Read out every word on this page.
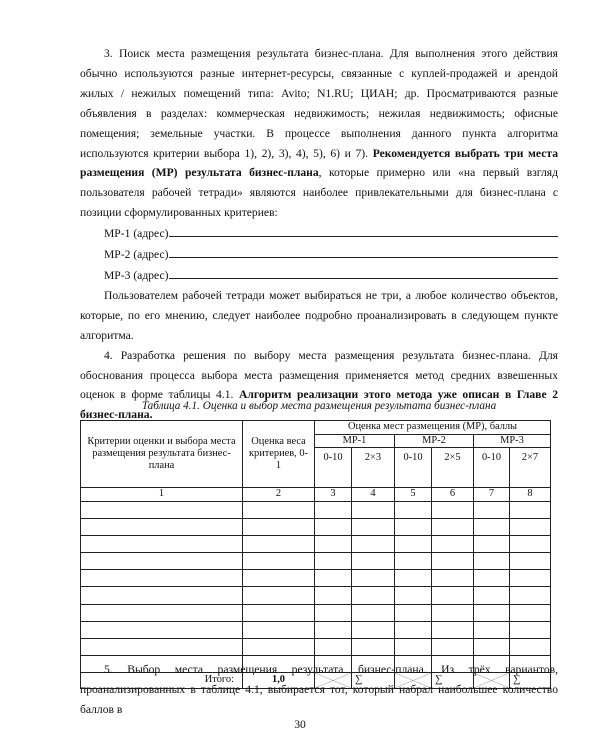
3. Поиск места размещения результата бизнес-плана. Для выполнения этого действия обычно используются разные интернет-ресурсы, связанные с куплей-продажей и арендой жилых / нежилых помещений типа: Avito; N1.RU; ЦИАН; др. Просматриваются разные объявления в разделах: коммерческая недвижимость; нежилая недвижимость; офисные помещения; земельные участки. В процессе выполнения данного пункта алгоритма используются критерии выбора 1), 2), 3), 4), 5), 6) и 7). Рекомендуется выбрать три места размещения (МР) результата бизнес-плана, которые примерно или «на первый взгляд пользователя рабочей тетради» являются наиболее привлекательными для бизнес-плана с позиции сформулированных критериев:

МР-1 (адрес)
МР-2 (адрес)
МР-3 (адрес)

Пользователем рабочей тетради может выбираться не три, а любое количество объектов, которые, по его мнению, следует наиболее подробно проанализировать в следующем пункте алгоритма.

4. Разработка решения по выбору места размещения результата бизнес-плана. Для обоснования процесса выбора места размещения применяется метод средних взвешенных оценок в форме таблицы 4.1. Алгоритм реализации этого метода уже описан в Главе 2 бизнес-плана.

Таблица 4.1. Оценка и выбор места размещения результата бизнес-плана
Критерии оценки и выбора места размещения результата бизнес-плана	Оценка веса критериев, 0-1	Оценка мест размещения (МР), баллы					
		МР-1		МР-2		МР-3	
		0-10	2×3	0-10	2×5	0-10	2×7
1	2	3	4	5	6	7	8

Итого:	1,0		∑		∑		∑

5. Выбор места размещения результата бизнес-плана. Из трёх вариантов, проанализированных в таблице 4.1, выбирается тот, который набрал наибольшее количество баллов в

30
